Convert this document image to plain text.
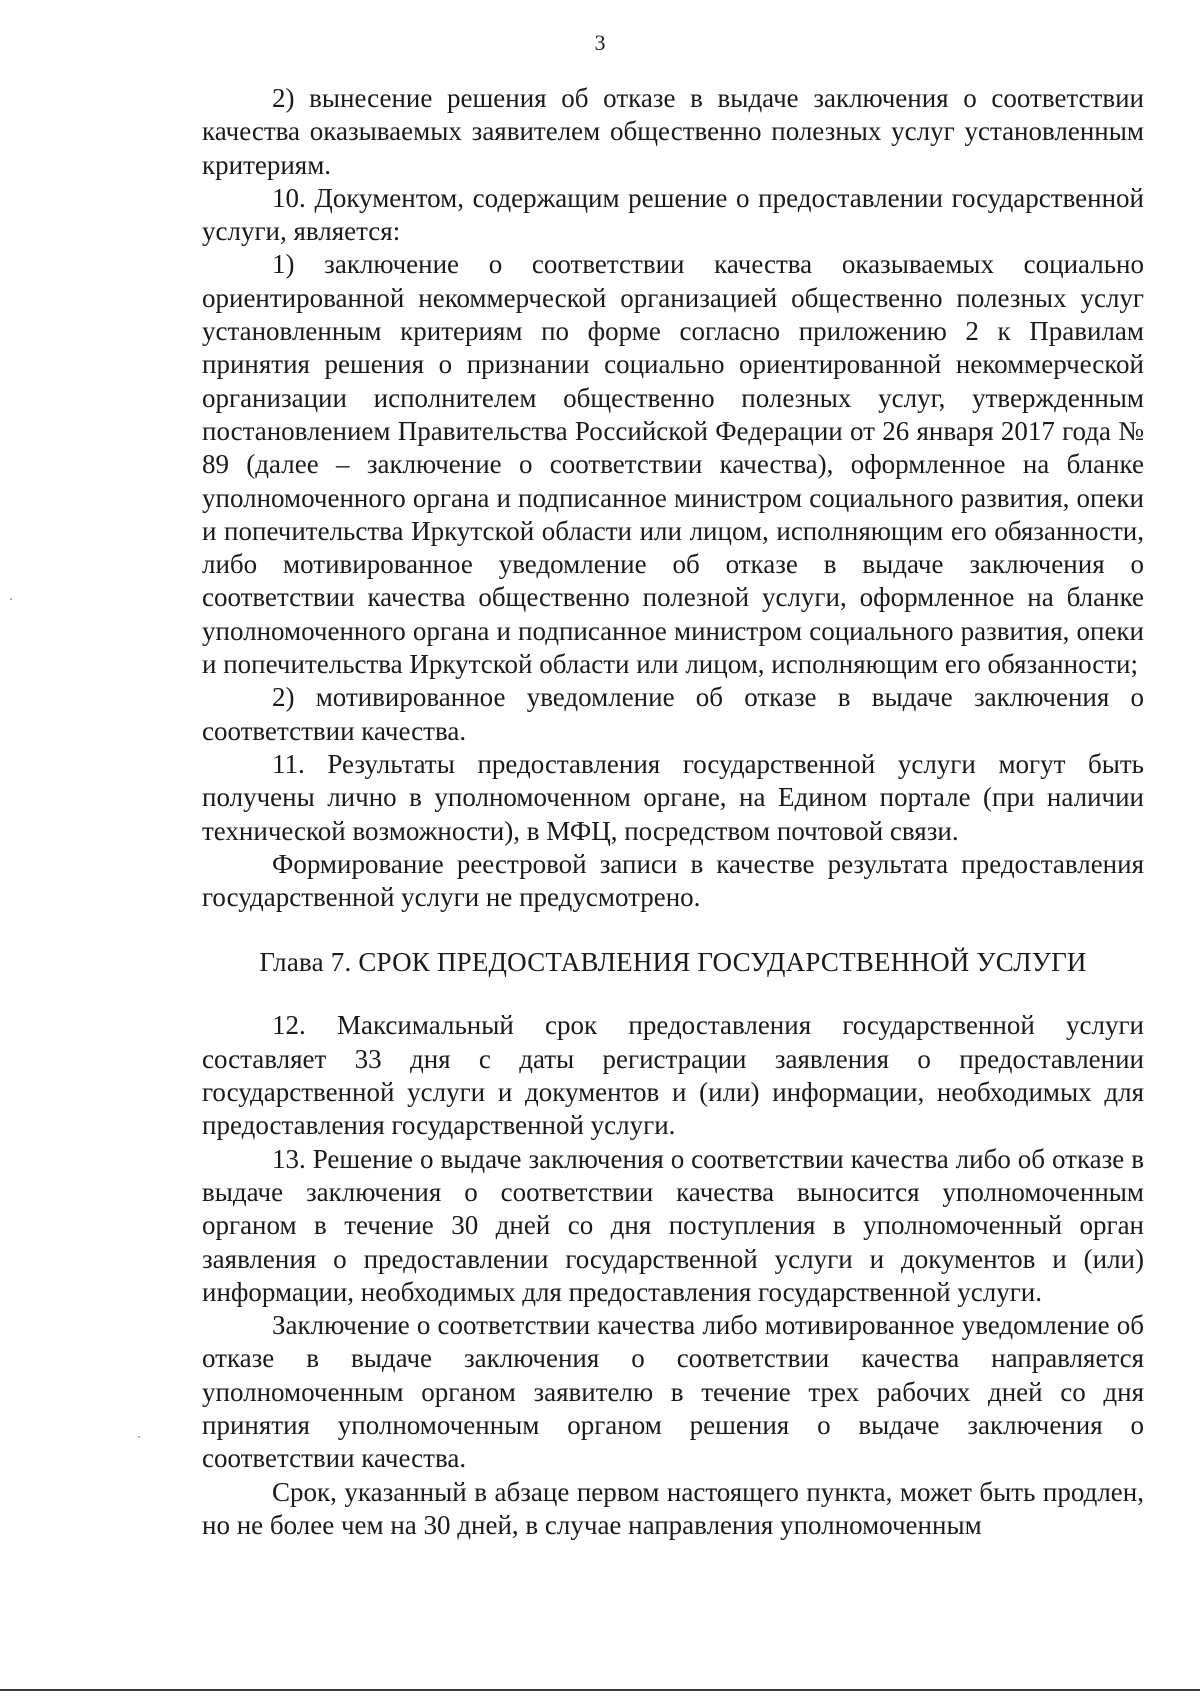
3

2) вынесение решения об отказе в выдаче заключения о соответствии качества оказываемых заявителем общественно полезных услуг установленным критериям.

10. Документом, содержащим решение о предоставлении государственной услуги, является:

1) заключение о соответствии качества оказываемых социально ориентированной некоммерческой организацией общественно полезных услуг установленным критериям по форме согласно приложению 2 к Правилам принятия решения о признании социально ориентированной некоммерческой организации исполнителем общественно полезных услуг, утвержденным постановлением Правительства Российской Федерации от 26 января 2017 года № 89 (далее – заключение о соответствии качества), оформленное на бланке уполномоченного органа и подписанное министром социального развития, опеки и попечительства Иркутской области или лицом, исполняющим его обязанности, либо мотивированное уведомление об отказе в выдаче заключения о соответствии качества общественно полезной услуги, оформленное на бланке уполномоченного органа и подписанное министром социального развития, опеки и попечительства Иркутской области или лицом, исполняющим его обязанности;

2) мотивированное уведомление об отказе в выдаче заключения о соответствии качества.

11. Результаты предоставления государственной услуги могут быть получены лично в уполномоченном органе, на Едином портале (при наличии технической возможности), в МФЦ, посредством почтовой связи.

Формирование реестровой записи в качестве результата предоставления государственной услуги не предусмотрено.

Глава 7. СРОК ПРЕДОСТАВЛЕНИЯ ГОСУДАРСТВЕННОЙ УСЛУГИ

12. Максимальный срок предоставления государственной услуги составляет 33 дня с даты регистрации заявления о предоставлении государственной услуги и документов и (или) информации, необходимых для предоставления государственной услуги.

13. Решение о выдаче заключения о соответствии качества либо об отказе в выдаче заключения о соответствии качества выносится уполномоченным органом в течение 30 дней со дня поступления в уполномоченный орган заявления о предоставлении государственной услуги и документов и (или) информации, необходимых для предоставления государственной услуги.

Заключение о соответствии качества либо мотивированное уведомление об отказе в выдаче заключения о соответствии качества направляется уполномоченным органом заявителю в течение трех рабочих дней со дня принятия уполномоченным органом решения о выдаче заключения о соответствии качества.

Срок, указанный в абзаце первом настоящего пункта, может быть продлен, но не более чем на 30 дней, в случае направления уполномоченным
